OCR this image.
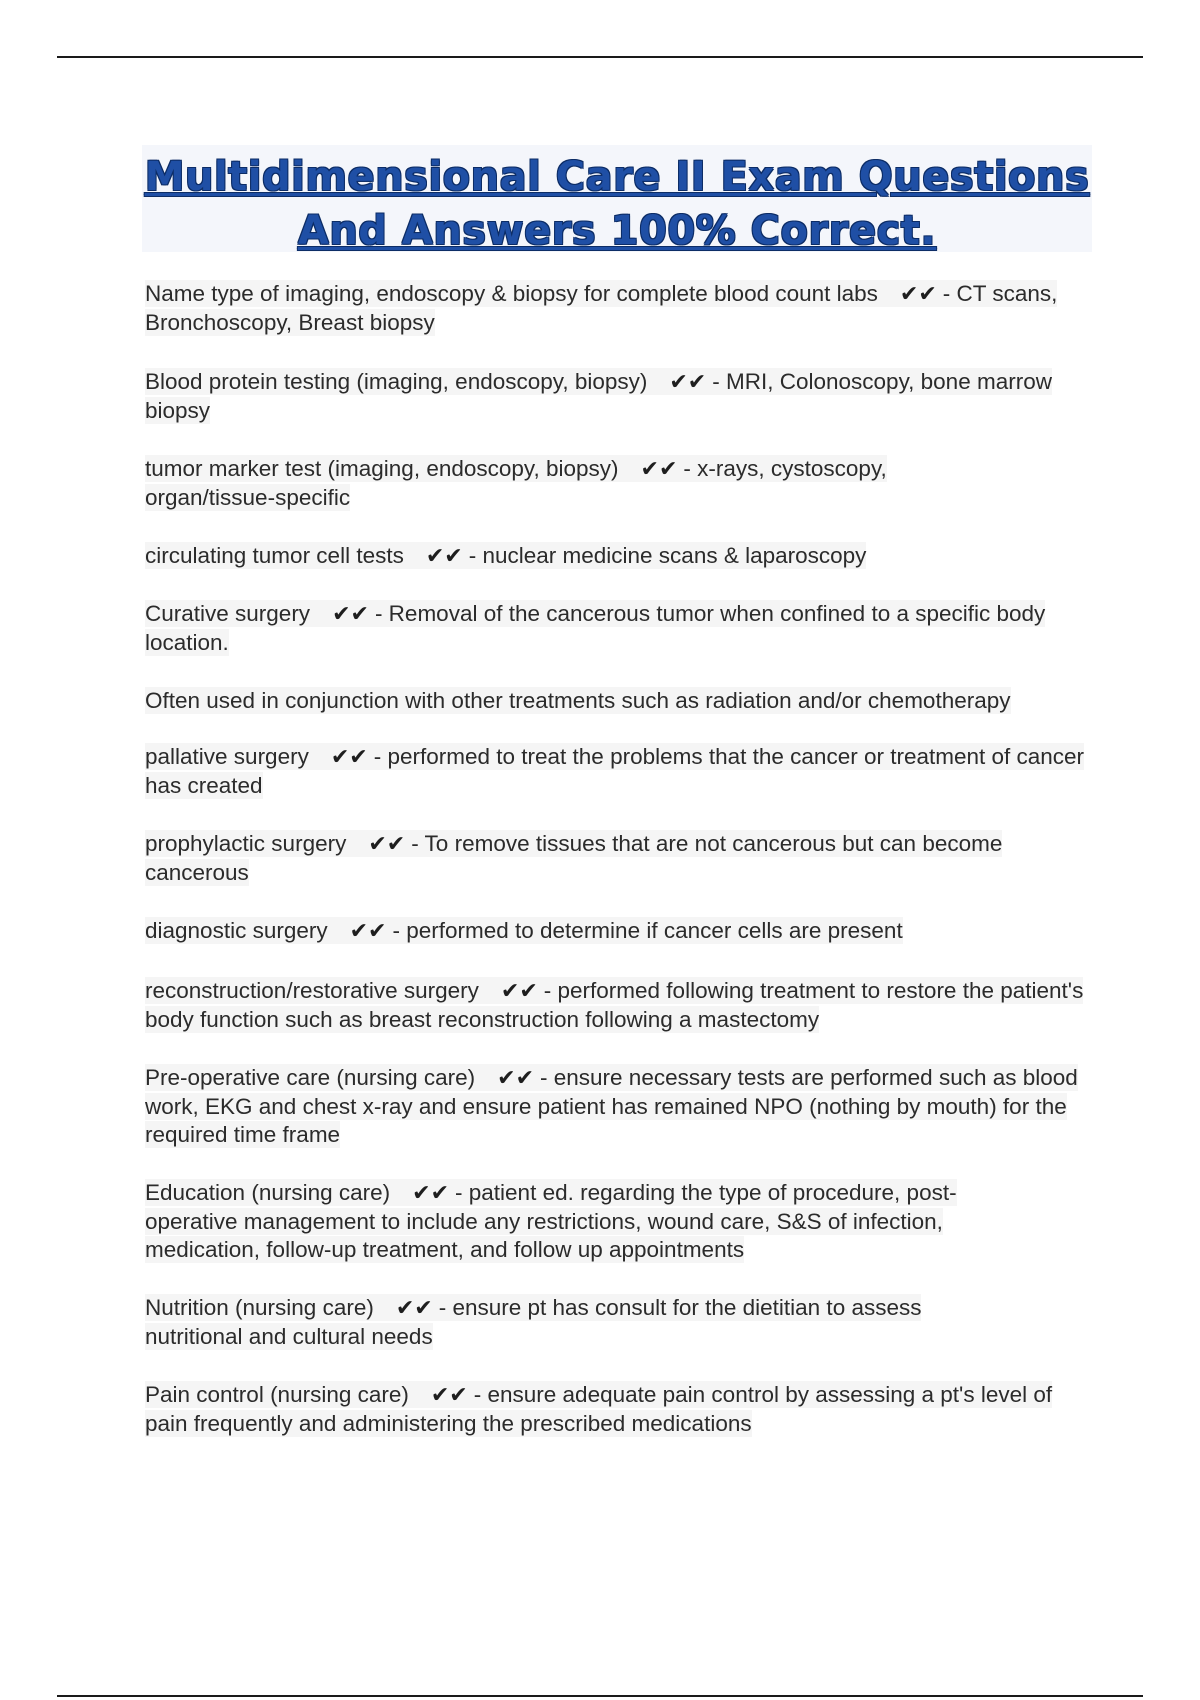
Multidimensional Care II Exam Questions
And Answers 100% Correct.
Name type of imaging, endoscopy & biopsy for complete blood count labs ✔✔ - CT scans, Bronchoscopy, Breast biopsy
Blood protein testing (imaging, endoscopy, biopsy) ✔✔ - MRI, Colonoscopy, bone marrow biopsy
tumor marker test (imaging, endoscopy, biopsy) ✔✔ - x-rays, cystoscopy, organ/tissue-specific
circulating tumor cell tests ✔✔ - nuclear medicine scans & laparoscopy
Curative surgery ✔✔ - Removal of the cancerous tumor when confined to a specific body location.
Often used in conjunction with other treatments such as radiation and/or chemotherapy
pallative surgery ✔✔ - performed to treat the problems that the cancer or treatment of cancer has created
prophylactic surgery ✔✔ - To remove tissues that are not cancerous but can become cancerous
diagnostic surgery ✔✔ - performed to determine if cancer cells are present
reconstruction/restorative surgery ✔✔ - performed following treatment to restore the patient's body function such as breast reconstruction following a mastectomy
Pre-operative care (nursing care) ✔✔ - ensure necessary tests are performed such as blood work, EKG and chest x-ray and ensure patient has remained NPO (nothing by mouth) for the required time frame
Education (nursing care) ✔✔ - patient ed. regarding the type of procedure, post-operative management to include any restrictions, wound care, S&S of infection, medication, follow-up treatment, and follow up appointments
Nutrition (nursing care) ✔✔ - ensure pt has consult for the dietitian to assess nutritional and cultural needs
Pain control (nursing care) ✔✔ - ensure adequate pain control by assessing a pt's level of pain frequently and administering the prescribed medications
